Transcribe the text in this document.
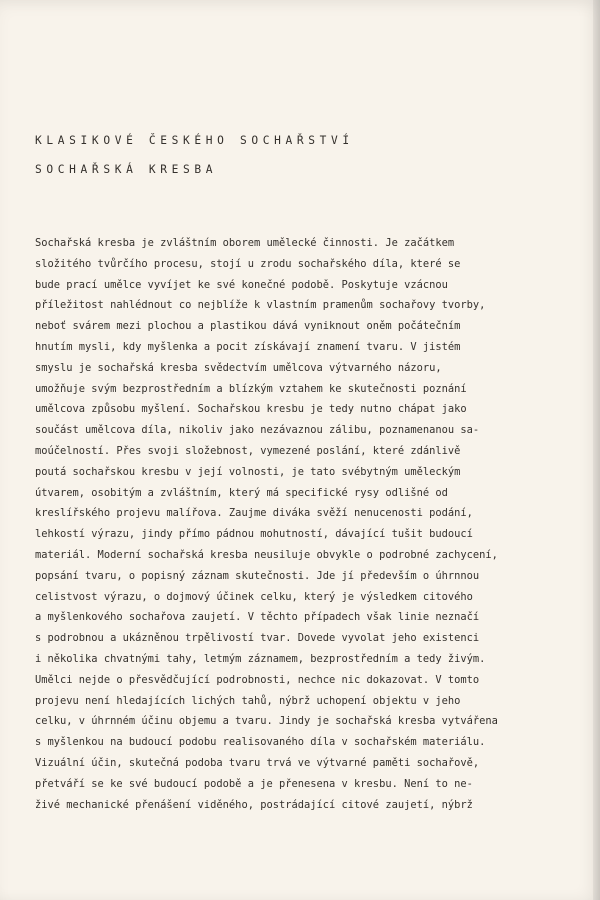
KLASIKOVÉ ČESKÉHO SOCHAŘSTVÍ
SOCHAŘSKÁ KRESBA
Sochařská kresba je zvláštním oborem umělecké činnosti. Je začátkem
složitého tvůrčího procesu, stojí u zrodu sochařského díla, které se
bude prací umělce vyvíjet ke své konečné podobě. Poskytuje vzácnou
příležitost nahlédnout co nejblíže k vlastním pramenům sochařovy tvorby,
neboť svárem mezi plochou a plastikou dává vyniknout oněm počátečním
hnutím mysli, kdy myšlenka a pocit získávají znamení tvaru. V jistém
smyslu je sochařská kresba svědectvím umělcova výtvarného názoru,
umožňuje svým bezprostředním a blízkým vztahem ke skutečnosti poznání
umělcova způsobu myšlení. Sochařskou kresbu je tedy nutno chápat jako
součást umělcova díla, nikoliv jako nezávaznou zálibu, poznamenanou sa-
moúčelností. Přes svoji složebnost, vymezené poslání, které zdánlivě
poutá sochařskou kresbu v její volnosti, je tato svébytným uměleckým
útvarem, osobitým a zvláštním, který má specifické rysy odlišné od
kreslířského projevu malířova. Zaujme diváka svěží nenucenosti podání,
lehkostí výrazu, jindy přímo pádnou mohutností, dávající tušit budoucí
materiál. Moderní sochařská kresba neusiluje obvykle o podrobné zachycení,
popsání tvaru, o popisný záznam skutečnosti. Jde jí především o úhrnnou
celistvost výrazu, o dojmový účinek celku, který je výsledkem citového
a myšlenkového sochařova zaujetí. V těchto případech však linie neznačí
s podrobnou a ukázněnou trpělivostí tvar. Dovede vyvolat jeho existenci
i několika chvatnými tahy, letmým záznamem, bezprostředním a tedy živým.
Umělci nejde o přesvědčující podrobnosti, nechce nic dokazovat. V tomto
projevu není hledajících lichých tahů, nýbrž uchopení objektu v jeho
celku, v úhrnném účinu objemu a tvaru. Jindy je sochařská kresba vytvářena
s myšlenkou na budoucí podobu realisovaného díla v sochařském materiálu.
Vizuální účin, skutečná podoba tvaru trvá ve výtvarné paměti sochařově,
přetváří se ke své budoucí podobě a je přenesena v kresbu. Není to ne-
živé mechanické přenášení viděného, postrádající citové zaujetí, nýbrž
